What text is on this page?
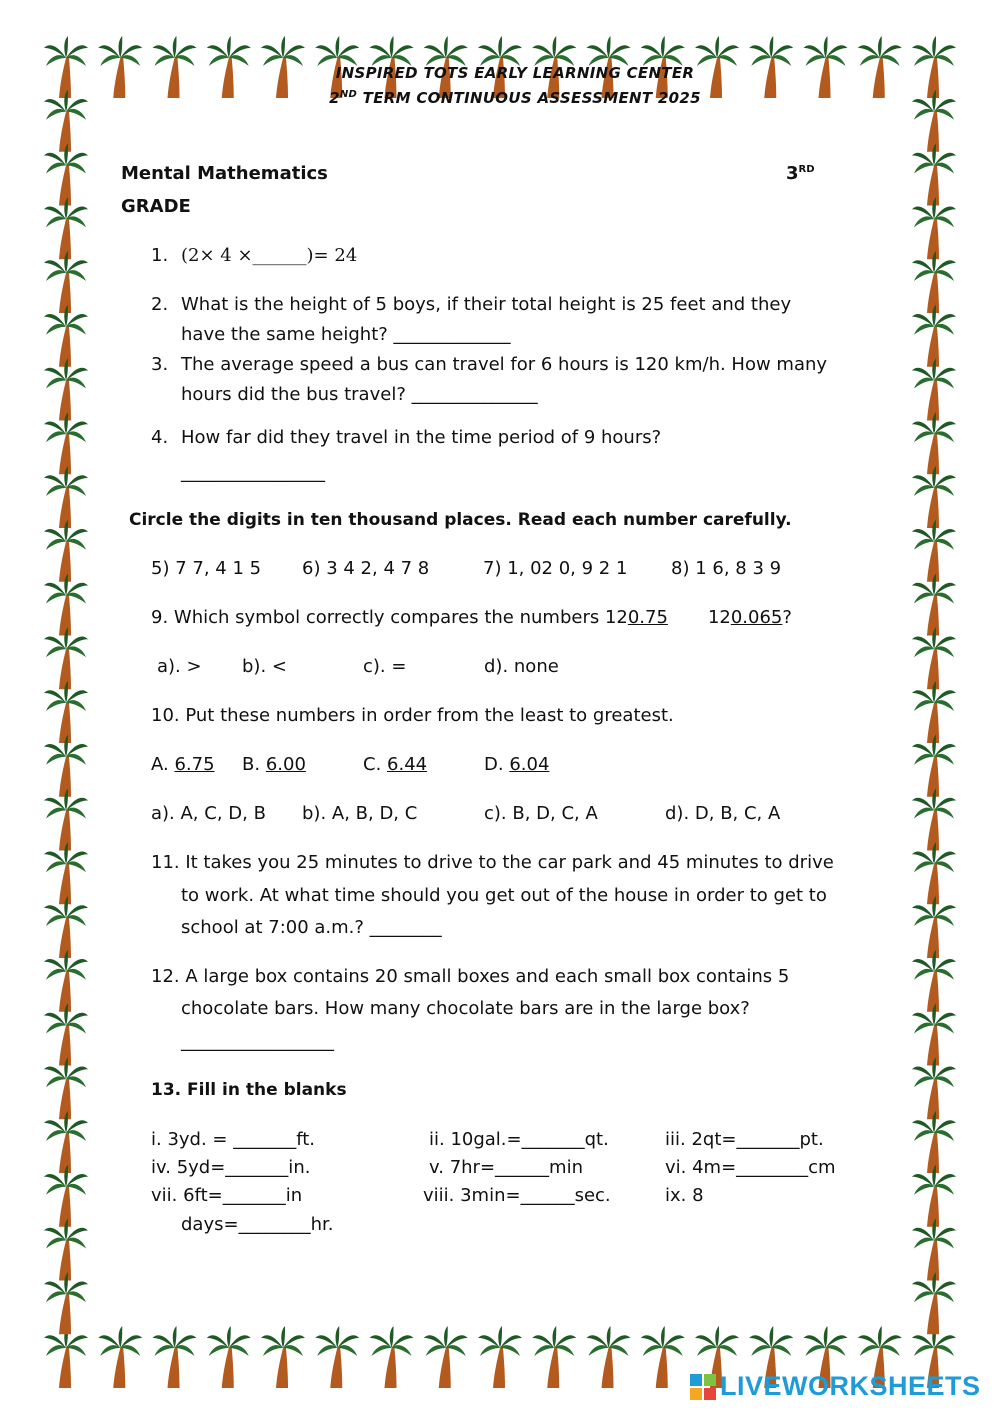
INSPIRED TOTS EARLY LEARNING CENTER
2ND TERM CONTINUOUS ASSESSMENT 2025
Mental Mathematics	3RD
GRADE
1. (2× 4 ×______)= 24
2. What is the height of 5 boys, if their total height is 25 feet and they
have the same height? _____________
3. The average speed a bus can travel for 6 hours is 120 km/h. How many
hours did the bus travel? ______________
4. How far did they travel in the time period of 9 hours?
________________
Circle the digits in ten thousand places. Read each number carefully.
5) 7 7, 4 1 5 6) 3 4 2, 4 7 8	7) 1, 02 0, 9 2 1 8) 1 6, 8 3 9
9. Which symbol correctly compares the numbers 120.75 120.065?
a). > b). <	c). =	d). none
10. Put these numbers in order from the least to greatest.
A. 6.75 B. 6.00	C. 6.44	D. 6.04
a). A, C, D, B b). A, B, D, C	c). B, D, C, A	d). D, B, C, A
11. It takes you 25 minutes to drive to the car park and 45 minutes to drive
to work. At what time should you get out of the house in order to get to
school at 7:00 a.m.? ________
12. A large box contains 20 small boxes and each small box contains 5
chocolate bars. How many chocolate bars are in the large box?
_________________
13. Fill in the blanks
i. 3yd. = _______ft.	ii. 10gal.=_______qt.	iii. 2qt=_______pt.
iv. 5yd=_______in.	v. 7hr=______min	vi. 4m=________cm
vii. 6ft=_______in	viii. 3min=______sec.	ix. 8
days=________hr.
LIVEWORKSHEETS
